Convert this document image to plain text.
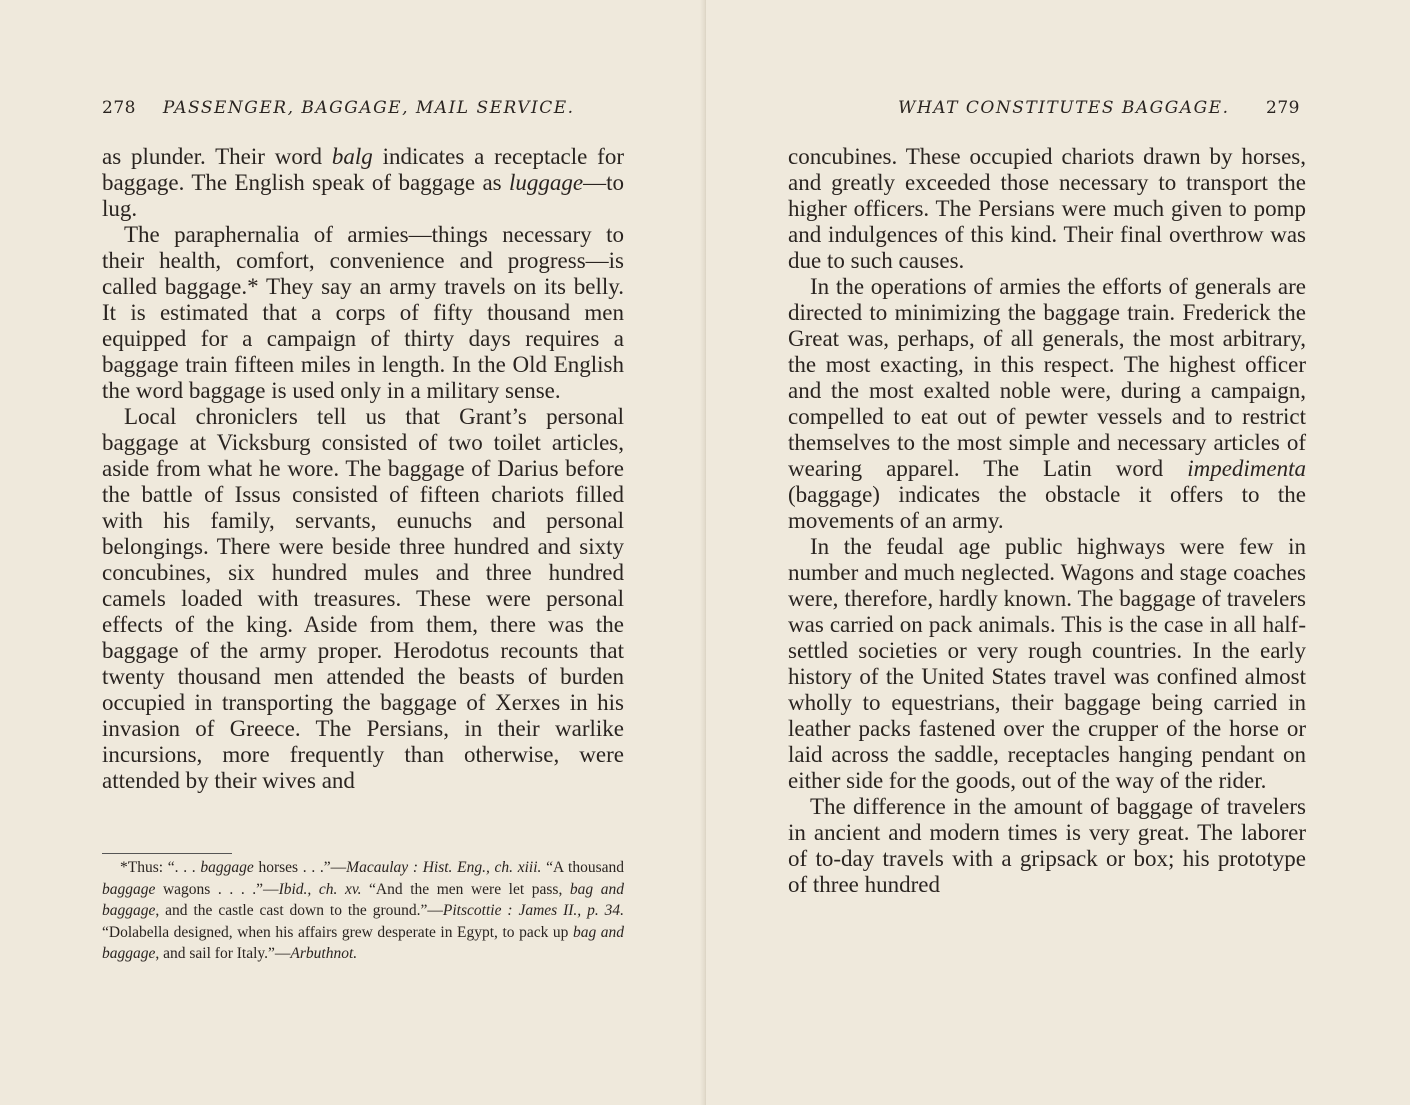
278 PASSENGER, BAGGAGE, MAIL SERVICE.

as plunder. Their word balg indicates a receptacle for baggage. The English speak of baggage as luggage—to lug.

The paraphernalia of armies—things necessary to their health, comfort, convenience and progress—is called baggage.* They say an army travels on its belly. It is estimated that a corps of fifty thousand men equipped for a campaign of thirty days requires a baggage train fifteen miles in length. In the Old English the word baggage is used only in a military sense.

Local chroniclers tell us that Grant’s personal baggage at Vicksburg consisted of two toilet articles, aside from what he wore. The baggage of Darius before the battle of Issus consisted of fifteen chariots filled with his family, servants, eunuchs and personal belongings. There were beside three hundred and sixty concubines, six hundred mules and three hundred camels loaded with treasures. These were personal effects of the king. Aside from them, there was the baggage of the army proper. Herodotus recounts that twenty thousand men attended the beasts of burden occupied in transporting the baggage of Xerxes in his invasion of Greece. The Persians, in their warlike incursions, more frequently than otherwise, were attended by their wives and

*Thus: “. . . baggage horses . . .”—Macaulay : Hist. Eng., ch. xiii. “A thousand baggage wagons . . . .”—Ibid., ch. xv. “And the men were let pass, bag and baggage, and the castle cast down to the ground.”—Pitscottie : James II., p. 34. “Dolabella designed, when his affairs grew desperate in Egypt, to pack up bag and baggage, and sail for Italy.”—Arbuthnot.

WHAT CONSTITUTES BAGGAGE. 279

concubines. These occupied chariots drawn by horses, and greatly exceeded those necessary to transport the higher officers. The Persians were much given to pomp and indulgences of this kind. Their final overthrow was due to such causes.

In the operations of armies the efforts of generals are directed to minimizing the baggage train. Frederick the Great was, perhaps, of all generals, the most arbitrary, the most exacting, in this respect. The highest officer and the most exalted noble were, during a campaign, compelled to eat out of pewter vessels and to restrict themselves to the most simple and necessary articles of wearing apparel. The Latin word impedimenta (baggage) indicates the obstacle it offers to the movements of an army.

In the feudal age public highways were few in number and much neglected. Wagons and stage coaches were, therefore, hardly known. The baggage of travelers was carried on pack animals. This is the case in all half-settled societies or very rough countries. In the early history of the United States travel was confined almost wholly to equestrians, their baggage being carried in leather packs fastened over the crupper of the horse or laid across the saddle, receptacles hanging pendant on either side for the goods, out of the way of the rider.

The difference in the amount of baggage of travelers in ancient and modern times is very great. The laborer of to-day travels with a gripsack or box; his prototype of three hundred
